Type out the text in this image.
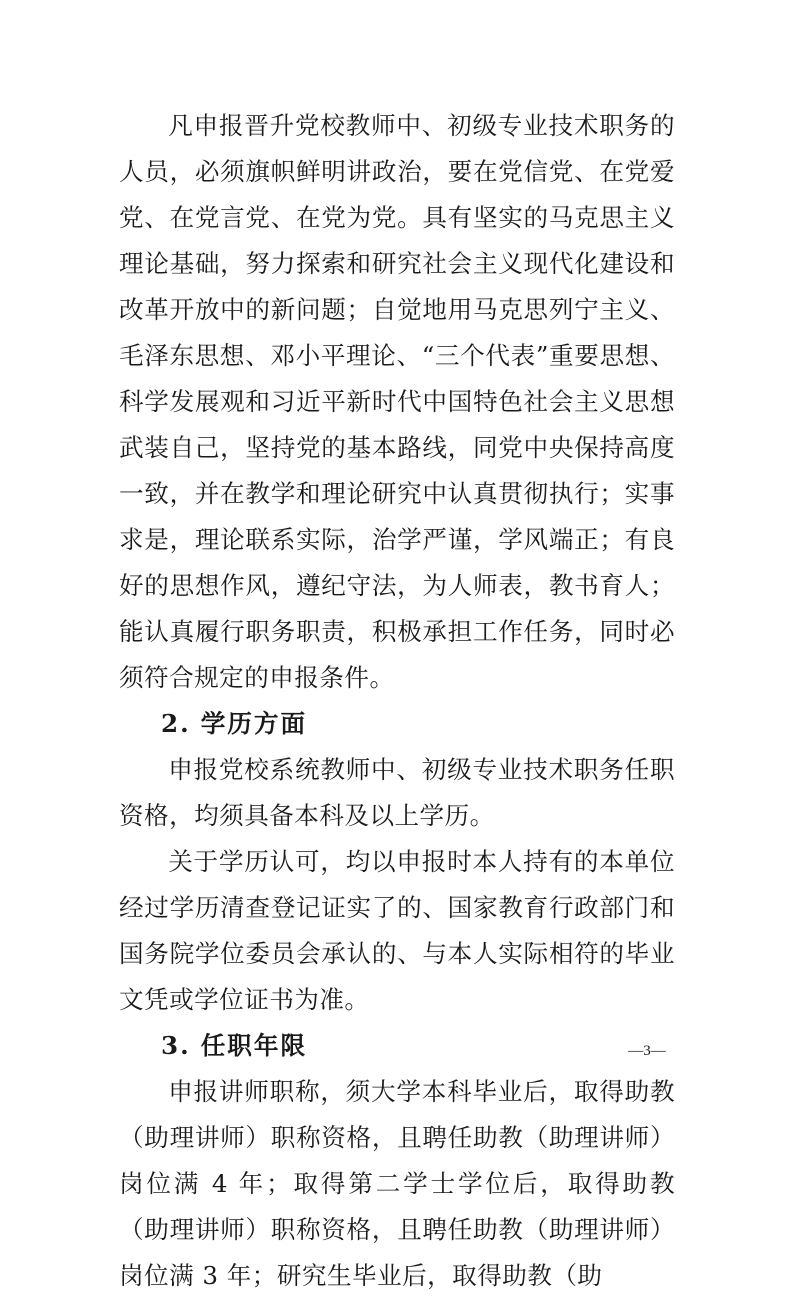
凡申报晋升党校教师中、初级专业技术职务的人员，必须旗帜鲜明讲政治，要在党信党、在党爱党、在党言党、在党为党。具有坚实的马克思主义理论基础，努力探索和研究社会主义现代化建设和改革开放中的新问题；自觉地用马克思列宁主义、毛泽东思想、邓小平理论、“三个代表”重要思想、科学发展观和习近平新时代中国特色社会主义思想武装自己，坚持党的基本路线，同党中央保持高度一致，并在教学和理论研究中认真贯彻执行；实事求是，理论联系实际，治学严谨，学风端正；有良好的思想作风，遵纪守法，为人师表，教书育人；能认真履行职务职责，积极承担工作任务，同时必须符合规定的申报条件。

2. 学历方面

申报党校系统教师中、初级专业技术职务任职资格，均须具备本科及以上学历。

关于学历认可，均以申报时本人持有的本单位经过学历清查登记证实了的、国家教育行政部门和国务院学位委员会承认的、与本人实际相符的毕业文凭或学位证书为准。

3. 任职年限

申报讲师职称，须大学本科毕业后，取得助教（助理讲师）职称资格，且聘任助教（助理讲师）岗位满 4 年；取得第二学士学位后，取得助教（助理讲师）职称资格，且聘任助教（助理讲师）岗位满 3 年；研究生毕业后，取得助教（助

—3—
